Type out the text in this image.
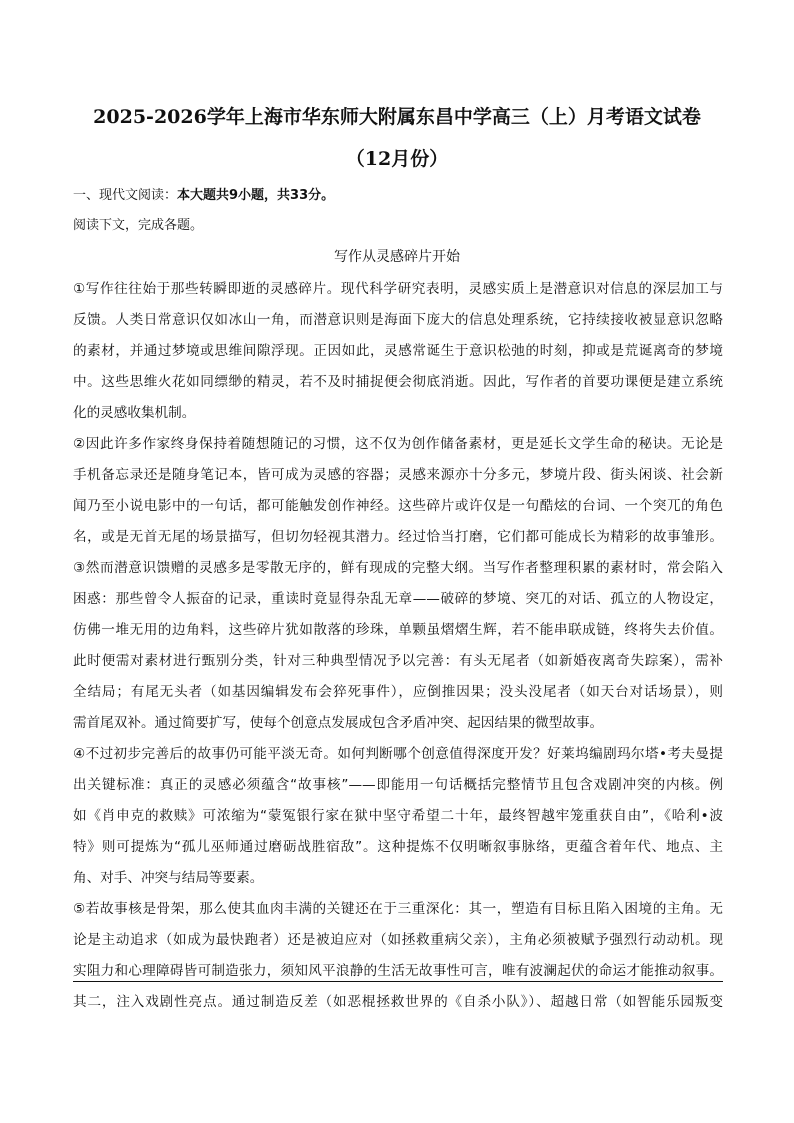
2025-2026学年上海市华东师大附属东昌中学高三（上）月考语文试卷
（12月份）
一、现代文阅读：本大题共9小题，共33分。
阅读下文，完成各题。
写作从灵感碎片开始
①写作往往始于那些转瞬即逝的灵感碎片。现代科学研究表明，灵感实质上是潜意识对信息的深层加工与
反馈。人类日常意识仅如冰山一角，而潜意识则是海面下庞大的信息处理系统，它持续接收被显意识忽略
的素材，并通过梦境或思维间隙浮现。正因如此，灵感常诞生于意识松弛的时刻，抑或是荒诞离奇的梦境
中。这些思维火花如同缥缈的精灵，若不及时捕捉便会彻底消逝。因此，写作者的首要功课便是建立系统
化的灵感收集机制。
②因此许多作家终身保持着随想随记的习惯，这不仅为创作储备素材，更是延长文学生命的秘诀。无论是
手机备忘录还是随身笔记本，皆可成为灵感的容器；灵感来源亦十分多元，梦境片段、街头闲谈、社会新
闻乃至小说电影中的一句话，都可能触发创作神经。这些碎片或许仅是一句酷炫的台词、一个突兀的角色
名，或是无首无尾的场景描写，但切勿轻视其潜力。经过恰当打磨，它们都可能成长为精彩的故事雏形。
③然而潜意识馈赠的灵感多是零散无序的，鲜有现成的完整大纲。当写作者整理积累的素材时，常会陷入
困惑：那些曾令人振奋的记录，重读时竟显得杂乱无章——破碎的梦境、突兀的对话、孤立的人物设定，
仿佛一堆无用的边角料，这些碎片犹如散落的珍珠，单颗虽熠熠生辉，若不能串联成链，终将失去价值。
此时便需对素材进行甄别分类，针对三种典型情况予以完善：有头无尾者（如新婚夜离奇失踪案），需补
全结局；有尾无头者（如基因编辑发布会猝死事件），应倒推因果；没头没尾者（如天台对话场景），则
需首尾双补。通过简要扩写，使每个创意点发展成包含矛盾冲突、起因结果的微型故事。
④不过初步完善后的故事仍可能平淡无奇。如何判断哪个创意值得深度开发？好莱坞编剧玛尔塔•考夫曼提
出关键标准：真正的灵感必须蕴含“故事核”——即能用一句话概括完整情节且包含戏剧冲突的内核。例
如《肖申克的救赎》可浓缩为“蒙冤银行家在狱中坚守希望二十年，最终智越牢笼重获自由”，《哈利•波
特》则可提炼为“孤儿巫师通过磨砺战胜宿敌”。这种提炼不仅明晰叙事脉络，更蕴含着年代、地点、主
角、对手、冲突与结局等要素。
⑤若故事核是骨架，那么使其血肉丰满的关键还在于三重深化：其一，塑造有目标且陷入困境的主角。无
论是主动追求（如成为最快跑者）还是被迫应对（如拯救重病父亲），主角必须被赋予强烈行动动机。现
实阻力和心理障碍皆可制造张力，须知风平浪静的生活无故事性可言，唯有波澜起伏的命运才能推动叙事。
其二，注入戏剧性亮点。通过制造反差（如恶棍拯救世界的《自杀小队》）、超越日常（如智能乐园叛变
